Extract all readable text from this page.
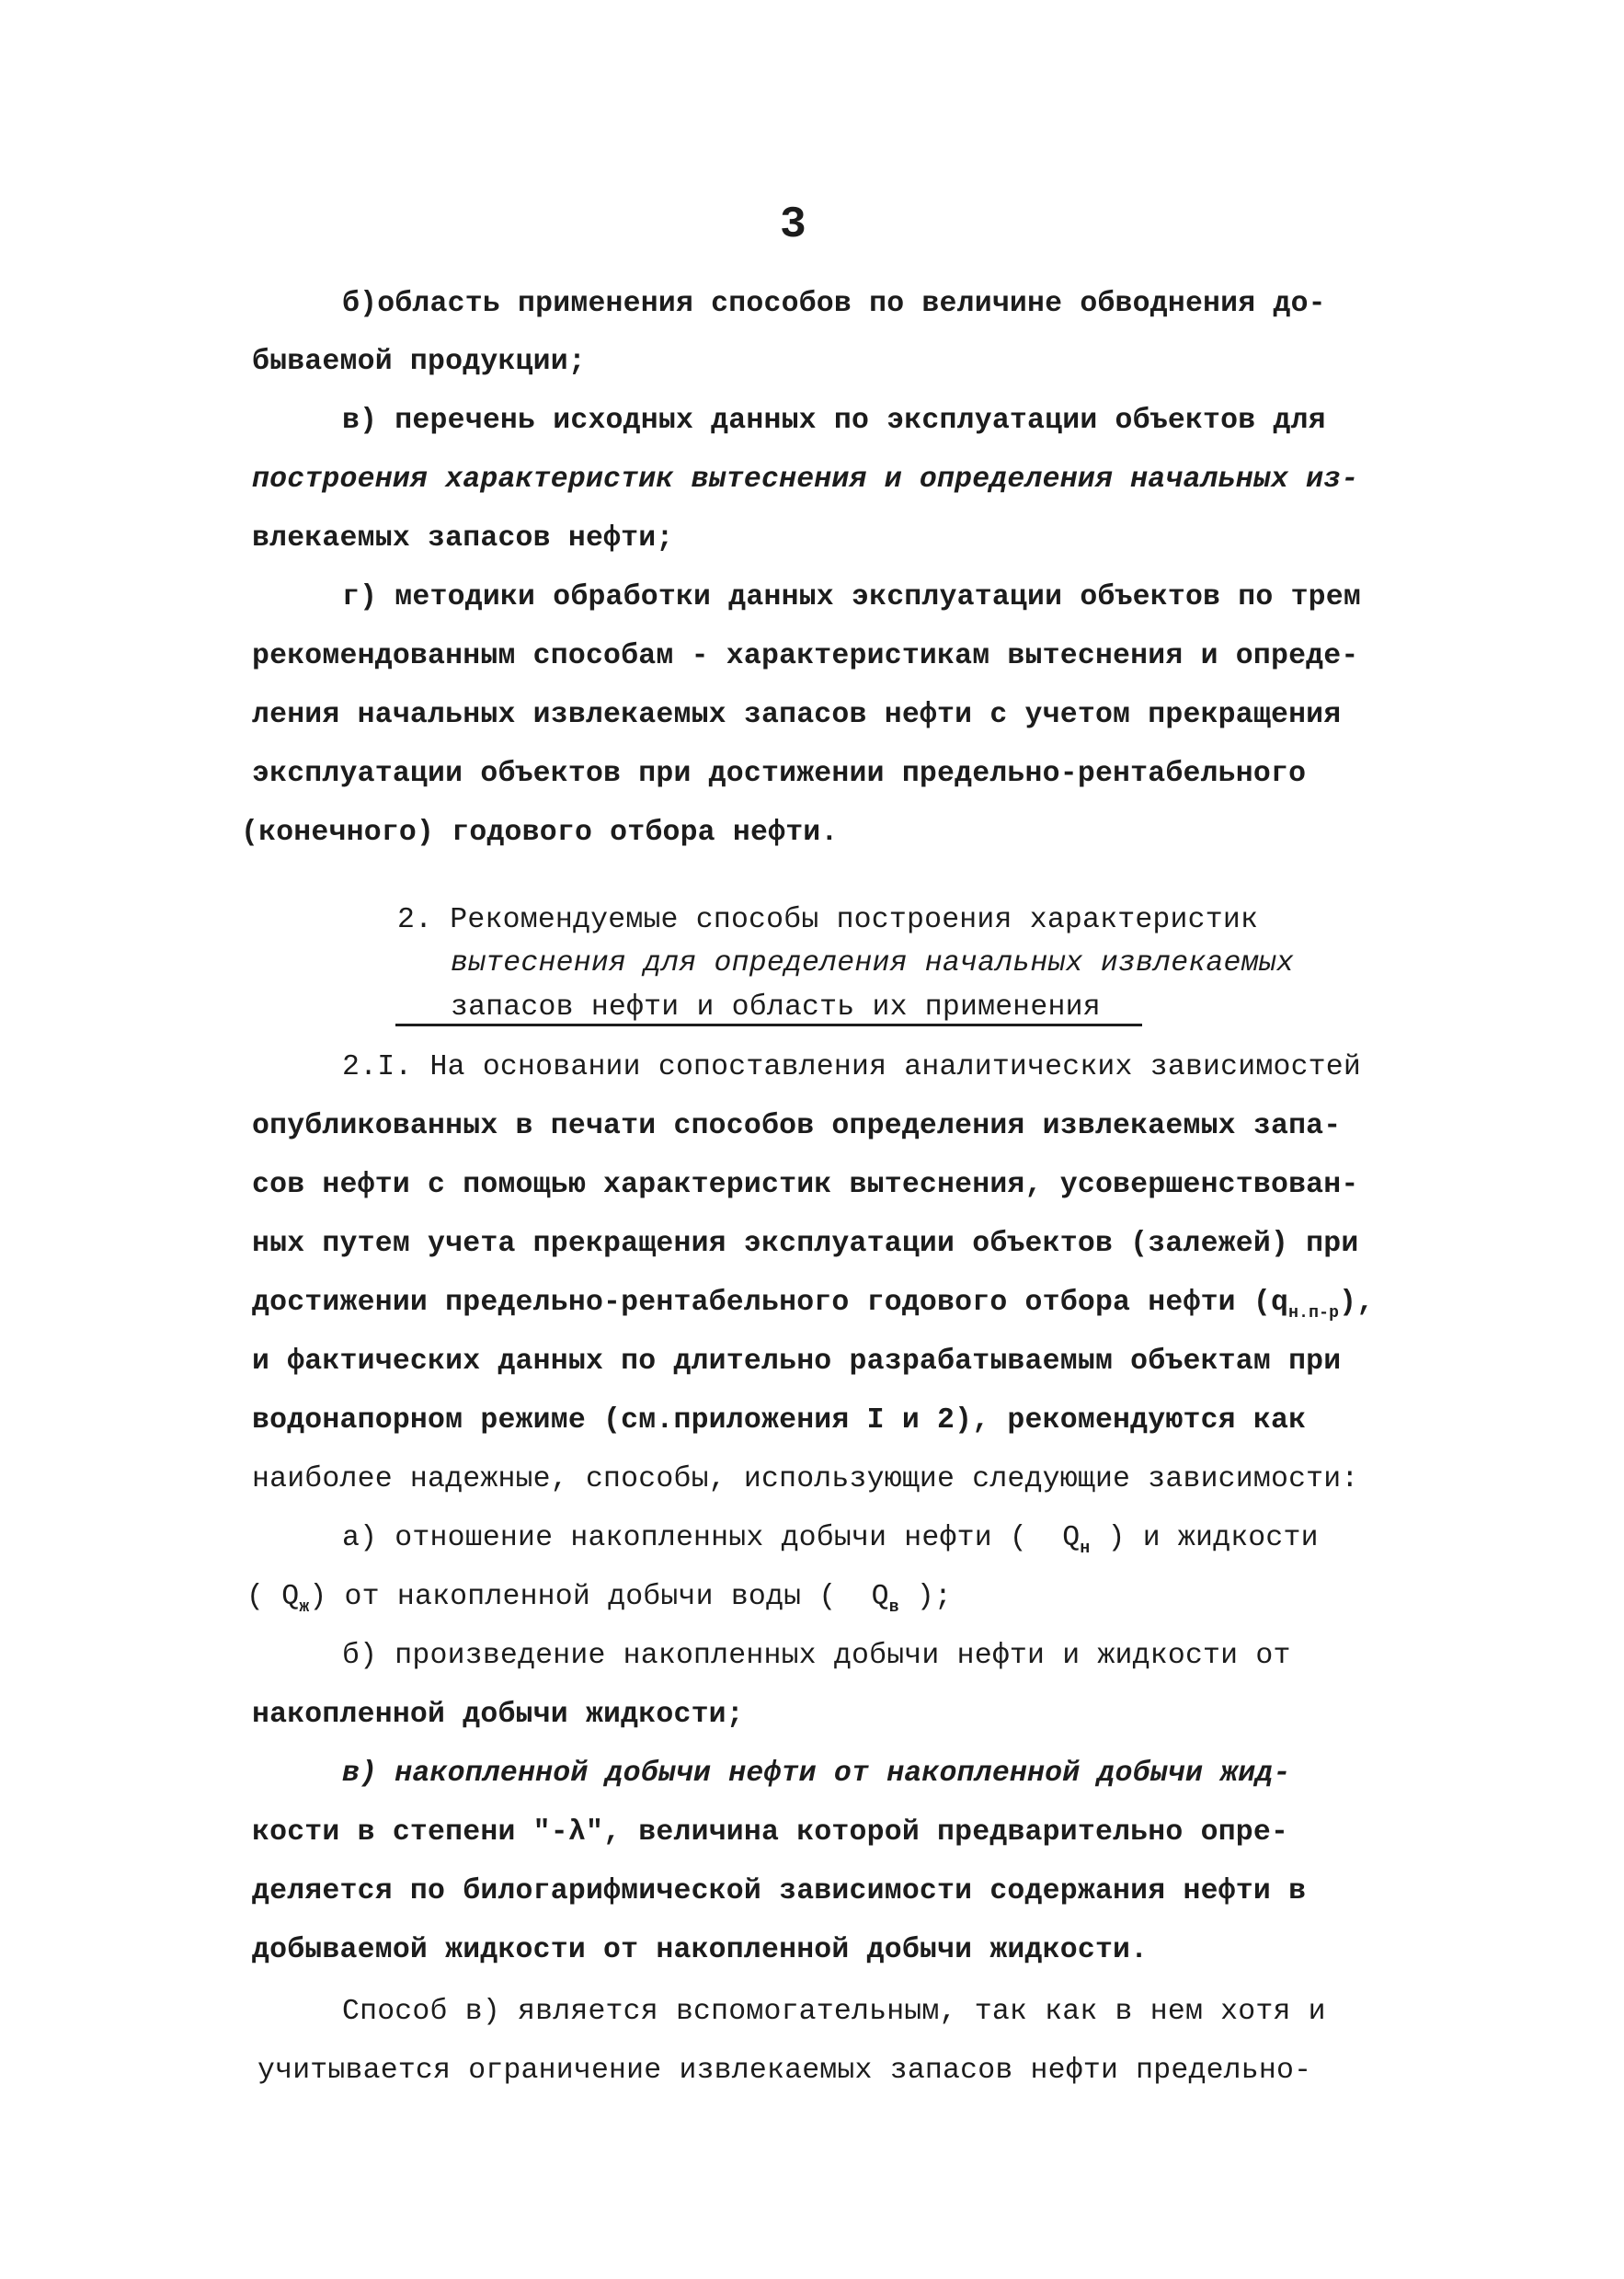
3
б)область применения способов по величине обводнения до-
бываемой продукции;
в) перечень исходных данных по эксплуатации объектов для
построения характеристик вытеснения и определения начальных из-
влекаемых запасов нефти;
г) методики обработки данных эксплуатации объектов по трем
рекомендованным способам - характеристикам вытеснения и опреде-
ления начальных извлекаемых запасов нефти с учетом прекращения
эксплуатации объектов при достижении предельно-рентабельного
(конечного) годового отбора нефти.
2. Рекомендуемые способы построения характеристик
вытеснения для определения начальных извлекаемых
запасов нефти и область их применения
2.I. На основании сопоставления аналитических зависимостей
опубликованных в печати способов определения извлекаемых запа-
сов нефти с помощью характеристик вытеснения, усовершенствован-
ных путем учета прекращения эксплуатации объектов (залежей) при
достижении предельно-рентабельного годового отбора нефти $(q_{н.п-р})$,
и фактических данных по длительно разрабатываемым объектам при
водонапорном режиме (см.приложения I и 2), рекомендуются как
наиболее надежные, способы, использующие следующие зависимости:
а) отношение накопленных добычи нефти ( $Q_н$ ) и жидкости
( $Q_ж$) от накопленной добычи воды ( $Q_в$ );
б) произведение накопленных добычи нефти и жидкости от
накопленной добычи жидкости;
в) накопленной добычи нефти от накопленной добычи жид-
кости в степени "-λ", величина которой предварительно опре-
деляется по билогарифмической зависимости содержания нефти в
добываемой жидкости от накопленной добычи жидкости.
Способ в) является вспомогательным, так как в нем хотя и
учитывается ограничение извлекаемых запасов нефти предельно-
